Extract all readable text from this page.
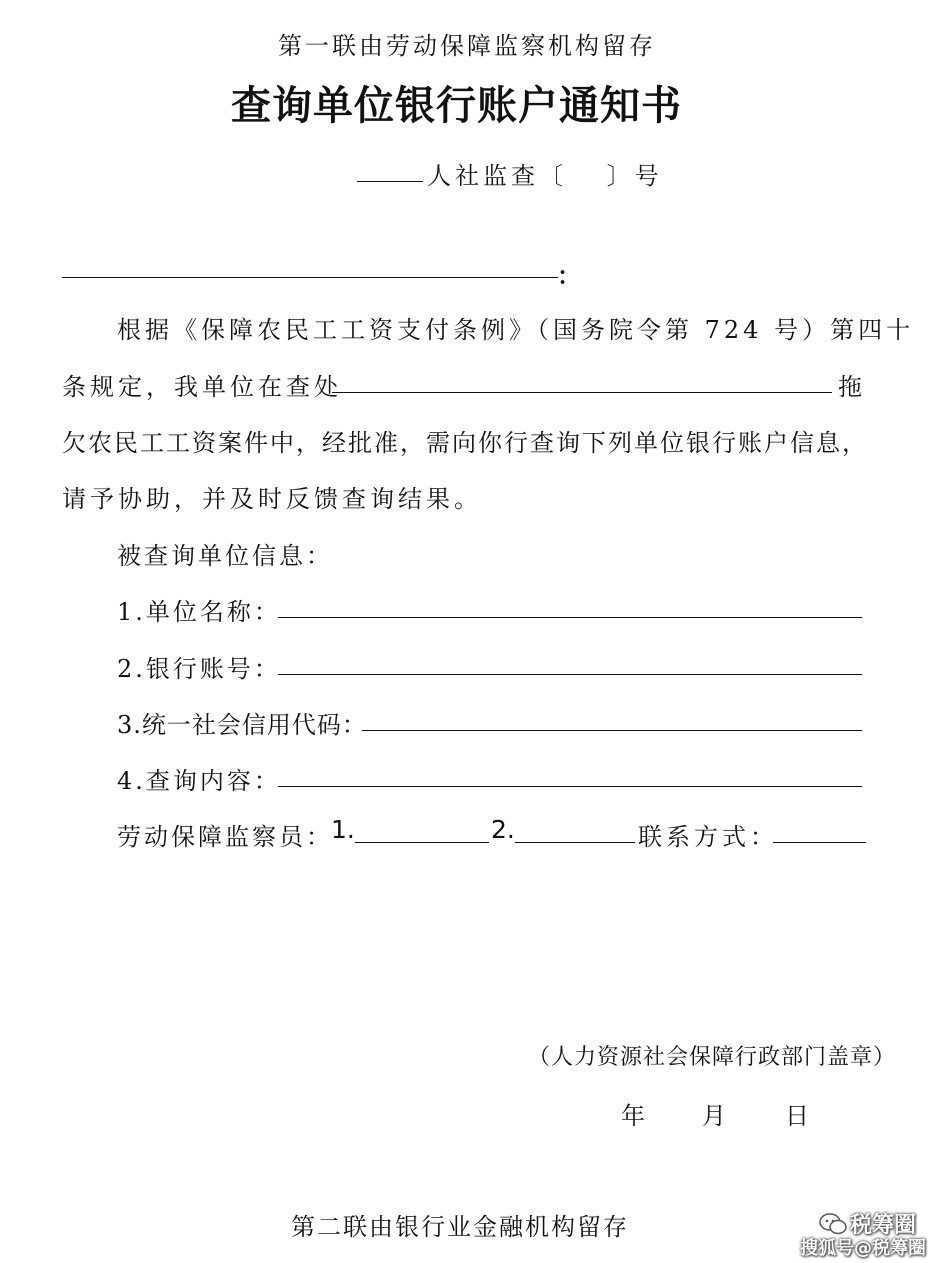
第一联由劳动保障监察机构留存
查询单位银行账户通知书
人社监查〔　 〕号
：
根据《保障农民工工资支付条例》（国务院令第 724 号）第四十
条规定，我单位在查处	拖
欠农民工工资案件中，经批准，需向你行查询下列单位银行账户信息，
请予协助，并及时反馈查询结果。
被查询单位信息：
1.单位名称：
2.银行账号：
3.统一社会信用代码：
4.查询内容：
劳动保障监察员：
1.	2.	联系方式：
（人力资源社会保障行政部门盖章）
年 月 日
第二联由银行业金融机构留存	税筹圈
搜狐号@税筹圈
